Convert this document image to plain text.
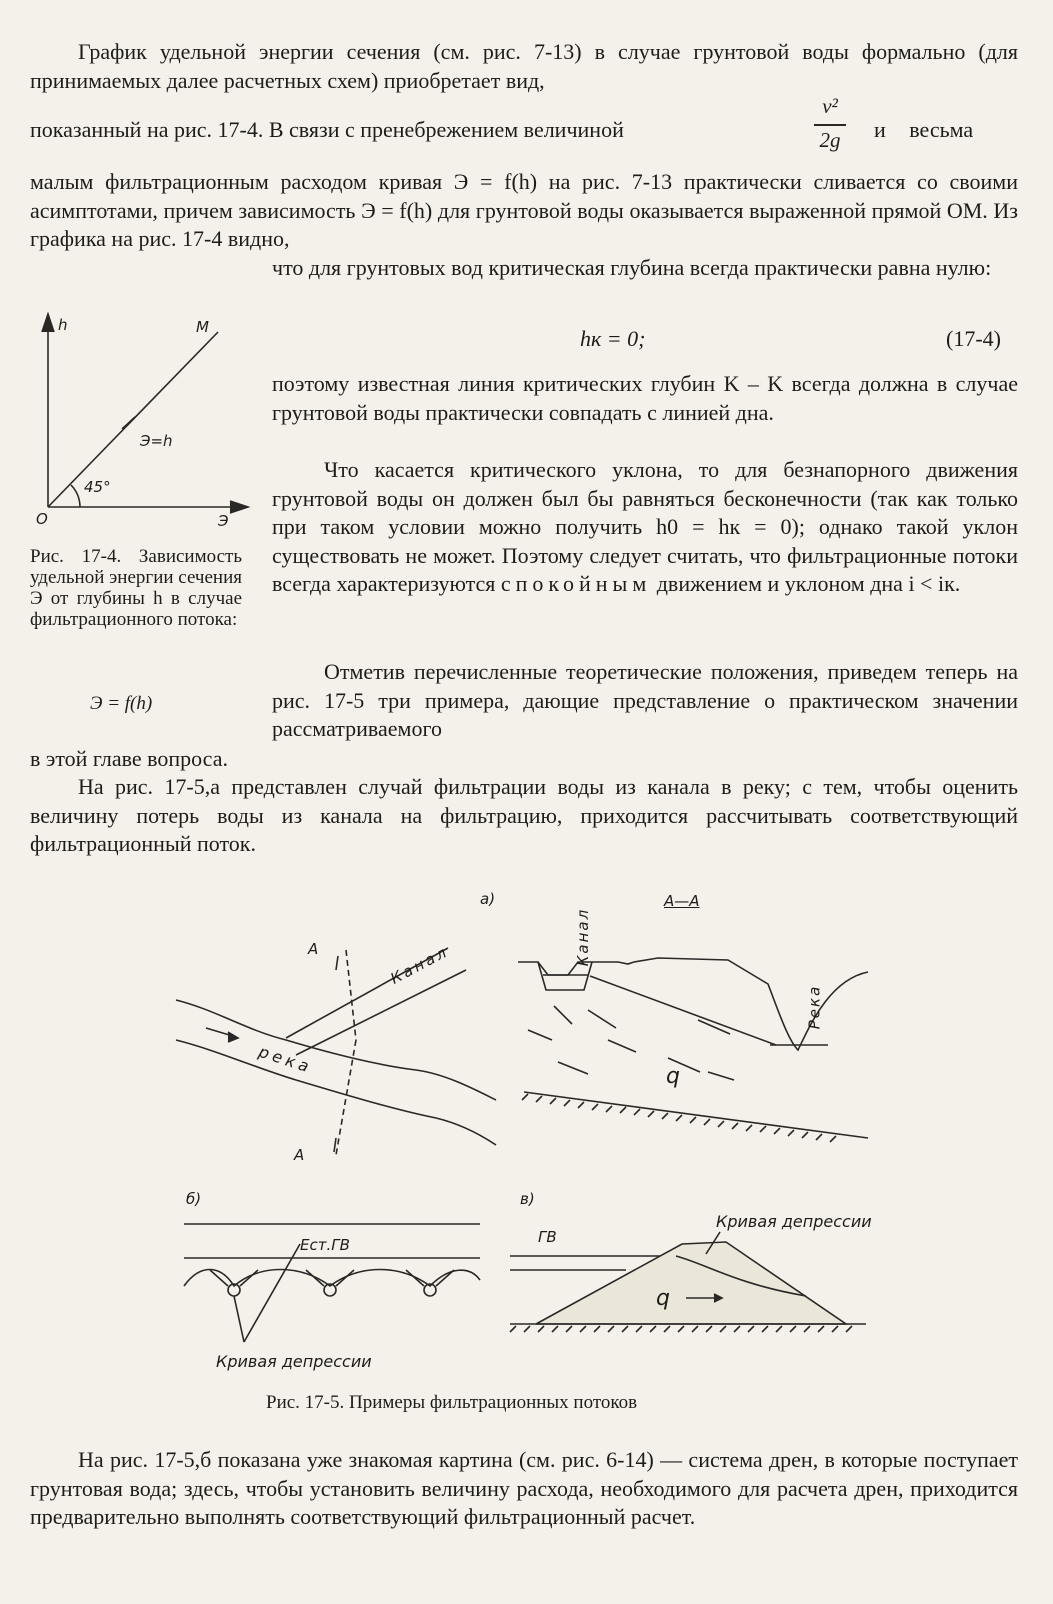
График удельной энергии сечения (см. рис. 7-13) в случае грунтовой воды формально (для принимаемых далее расчетных схем) приобретает вид,
показанный на рис. 17-4. В связи с пренебрежением величиной
v²
2g	и весьма
малым фильтрационным расходом кривая Э = f(h) на рис. 7-13 практически сливается со своими асимптотами, причем зависимость Э = f(h) для грунтовой воды оказывается выраженной прямой ОМ. Из графика на рис. 17-4 видно,
что для грунтовых вод критическая глубина всегда практически равна нулю:
hк = 0;	(17-4)
поэтому известная линия критических глубин K – K всегда должна в случае грунтовой воды практически совпадать с линией дна.
Что касается критического уклона, то для безнапорного движения грунтовой воды он должен был бы равняться бесконечности (так как только при таком условии можно получить h0 = hк = 0); однако такой уклон существовать не может. Поэтому следует считать, что фильтрационные потоки всегда характеризуются спокойным движением и уклоном дна i < iк.
Отметив перечисленные теоретические положения, приведем теперь на рис. 17-5 три примера, дающие представление о практическом значении рассматриваемого
в этой главе вопроса.
На рис. 17-5,а представлен случай фильтрации воды из канала в реку; с тем, чтобы оценить величину потерь воды из канала на фильтрацию, приходится рассчитывать соответствующий фильтрационный поток.
h	M
O	Э
Э=h
45°
Рис. 17-4. Зависимость удельной энергии сечения Э от глубины h в случае фильтрационного потока:
Э = f(h)
А
А
Канал
река
а)	А—А
Канал
Река
q
б)
Ест.ГВ
Кривая депрессии
в)
ГВ
Кривая депрессии
q
Рис. 17-5. Примеры фильтрационных потоков
На рис. 17-5,б показана уже знакомая картина (см. рис. 6-14) — система дрен, в которые поступает грунтовая вода; здесь, чтобы установить величину расхода, необходимого для расчета дрен, приходится предварительно выполнять соответствующий фильтрационный расчет.
